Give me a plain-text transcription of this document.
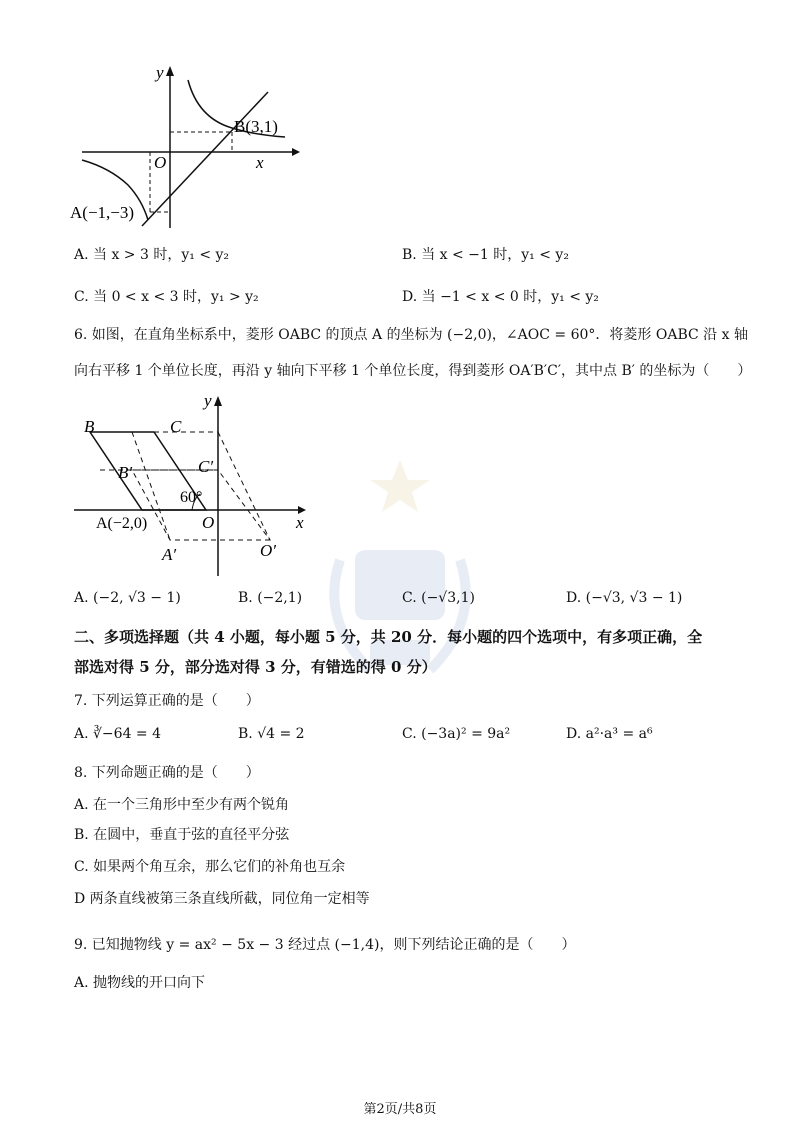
y
x
O
B(3,1)
A(−1,−3)
A. 当 x > 3 时，y₁ < y₂	B. 当 x < −1 时，y₁ < y₂
C. 当 0 < x < 3 时，y₁ > y₂	D. 当 −1 < x < 0 时，y₁ < y₂
6. 如图，在直角坐标系中，菱形 OABC 的顶点 A 的坐标为 (−2,0)，∠AOC = 60°．将菱形 OABC 沿 x 轴
向右平移 1 个单位长度，再沿 y 轴向下平移 1 个单位长度，得到菱形 OA′B′C′，其中点 B′ 的坐标为（　　）
y
x
B	C
B′	C′
60°
O
A(−2,0)
A′	O′
A. (−2, √3 − 1)	B. (−2,1)	C. (−√3,1)	D. (−√3, √3 − 1)
二、多项选择题（共 4 小题，每小题 5 分，共 20 分．每小题的四个选项中，有多项正确，全
部选对得 5 分，部分选对得 3 分，有错选的得 0 分）
7. 下列运算正确的是（　　）
A. ∛−64 = 4	B. √4 = 2	C. (−3a)² = 9a²	D. a²·a³ = a⁶
8. 下列命题正确的是（　　）
A. 在一个三角形中至少有两个锐角
B. 在圆中，垂直于弦的直径平分弦
C. 如果两个角互余，那么它们的补角也互余
D 两条直线被第三条直线所截，同位角一定相等
9. 已知抛物线 y = ax² − 5x − 3 经过点 (−1,4)，则下列结论正确的是（　　）
A. 抛物线的开口向下
第2页/共8页
